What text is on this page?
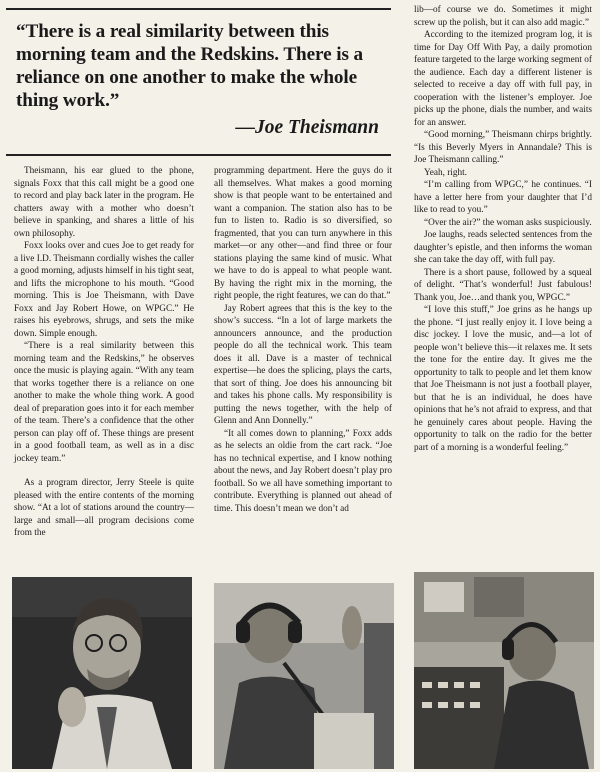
“There is a real similarity between this morning team and the Redskins. There is a reliance on one another to make the whole thing work.”
—Joe Theismann

Theismann, his ear glued to the phone, signals Foxx that this call might be a good one to record and play back later in the program. He chatters away with a mother who doesn’t believe in spanking, and shares a little of his own philosophy.

Foxx looks over and cues Joe to get ready for a live I.D. Theismann cordially wishes the caller a good morning, adjusts himself in his tight seat, and lifts the microphone to his mouth. “Good morning. This is Joe Theismann, with Dave Foxx and Jay Robert Howe, on WPGC.” He raises his eyebrows, shrugs, and sets the mike down. Simple enough.

“There is a real similarity between this morning team and the Redskins,” he observes once the music is playing again. “With any team that works together there is a reliance on one another to make the whole thing work. A good deal of preparation goes into it for each member of the team. There’s a confidence that the other person can play off of. These things are present in a good football team, as well as in a disc jockey team.”

As a program director, Jerry Steele is quite pleased with the entire contents of the morning show. “At a lot of stations around the country—large and small—all program decisions come from the

programming department. Here the guys do it all themselves. What makes a good morning show is that people want to be entertained and want a companion. The station also has to be fun to listen to. Radio is so diversified, so fragmented, that you can turn anywhere in this market—or any other—and find three or four stations playing the same kind of music. What we have to do is appeal to what people want. By having the right mix in the morning, the right people, the right features, we can do that.”

Jay Robert agrees that this is the key to the show’s success. “In a lot of large markets the announcers announce, and the production people do all the technical work. This team does it all. Dave is a master of technical expertise—he does the splicing, plays the carts, that sort of thing. Joe does his announcing bit and takes his phone calls. My responsibility is putting the news together, with the help of Glenn and Ann Donnelly.”

“It all comes down to planning,” Foxx adds as he selects an oldie from the cart rack. “Joe has no technical expertise, and I know nothing about the news, and Jay Robert doesn’t play pro football. So we all have something important to contribute. Everything is planned out ahead of time. This doesn’t mean we don’t ad

lib—of course we do. Sometimes it might screw up the polish, but it can also add magic.”

According to the itemized program log, it is time for Day Off With Pay, a daily promotion feature targeted to the large working segment of the audience. Each day a different listener is selected to receive a day off with full pay, in cooperation with the listener’s employer. Joe picks up the phone, dials the number, and waits for an answer.

“Good morning,” Theismann chirps brightly. “Is this Beverly Myers in Annandale? This is Joe Theismann calling.”

Yeah, right.

“I’m calling from WPGC,” he continues. “I have a letter here from your daughter that I’d like to read to you.”

“Over the air?” the woman asks suspiciously.

Joe laughs, reads selected sentences from the daughter’s epistle, and then informs the woman she can take the day off, with full pay.

There is a short pause, followed by a squeal of delight. “That’s wonderful! Just fabulous! Thank you, Joe…and thank you, WPGC.”

“I love this stuff,” Joe grins as he hangs up the phone. “I just really enjoy it. I love being a disc jockey. I love the music, and—a lot of people won’t believe this—it relaxes me. It sets the tone for the entire day. It gives me the opportunity to talk to people and let them know that Joe Theismann is not just a football player, but that he is an individual, he does have opinions that he’s not afraid to express, and that he genuinely cares about people. Having the opportunity to talk on the radio for the better part of a morning is a wonderful feeling.”
